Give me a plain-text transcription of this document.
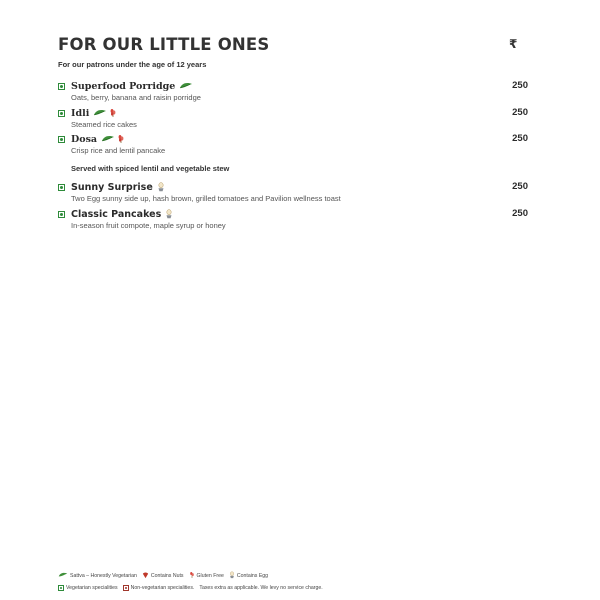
FOR OUR LITTLE ONES	₹
For our patrons under the age of 12 years
Superfood Porridge	250
Oats, berry, banana and raisin porridge
Idli	250
Steamed rice cakes
Dosa	250
Crisp rice and lentil pancake
Served with spiced lentil and vegetable stew
Sunny Surprise	250
Two Egg sunny side up, hash brown, grilled tomatoes and Pavilion wellness toast
Classic Pancakes	250
In-season fruit compote, maple syrup or honey
Sattva – Honestly Vegetarian	Contains Nuts	Gluten Free	Contains Egg
Vegetarian specialities	Non-vegetarian specialities. Taxes extra as applicable. We levy no service charge.
